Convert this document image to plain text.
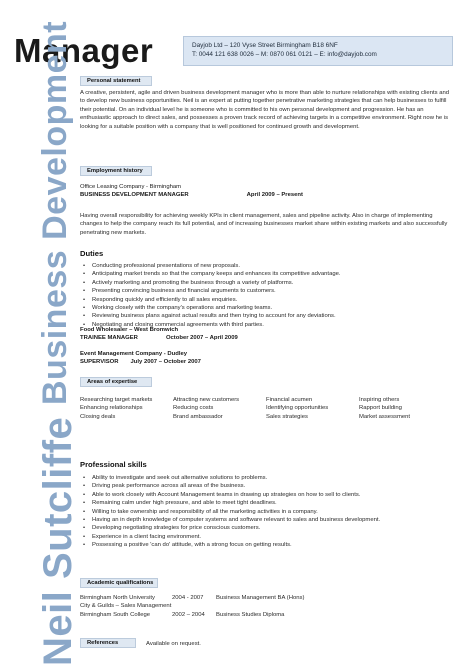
Manager
Business Development
Neil Sutcliffe
Dayjob Ltd – 120 Vyse Street Birmingham B18 6NF
T: 0044 121 638 0026 – M: 0870 061 0121 – E: info@dayjob.com
Personal statement
A creative, persistent, agile and driven business development manager who is more than able to nurture relationships with existing clients and to develop new business opportunities. Neil is an expert at putting together penetrative marketing strategies that can help businesses to fulfill their potential. On an individual level he is someone who is committed to his own personal development and progression. He has an enthusiastic approach to direct sales, and possesses a proven track record of achieving targets in a competitive environment. Right now he is looking for a suitable position with a company that is well positioned for continued growth and development.
Employment history
Office Leasing Company - Birmingham
BUSINESS DEVELOPMENT MANAGER	April 2009 – Present
Having overall responsibility for achieving weekly KPIs in client management, sales and pipeline activity. Also in charge of implementing changes to help the company reach its full potential, and of increasing businesses market share within existing markets and also successfully penetrating new markets.
Duties
• Conducting professional presentations of new proposals.
• Anticipating market trends so that the company keeps and enhances its competitive advantage.
• Actively marketing and promoting the business through a variety of platforms.
• Presenting convincing business and financial arguments to customers.
• Responding quickly and efficiently to all sales enquiries.
• Working closely with the company's operations and marketing teams.
• Reviewing business plans against actual results and then trying to account for any deviations.
• Negotiating and closing commercial agreements with third parties.
Food Wholesaler – West Bromwich
TRAINEE MANAGER	October 2007 – April 2009
Event Management Company - Dudley
SUPERVISOR July 2007 – October 2007
Areas of expertise
Researching target markets	Attracting new customers	Financial acumen	Inspiring others
Enhancing relationships	Reducing costs	Identifying opportunities	Rapport building
Closing deals	Brand ambassador	Sales strategies	Market assessment
Professional skills
• Ability to investigate and seek out alternative solutions to problems.
• Driving peak performance across all areas of the business.
• Able to work closely with Account Management teams in drawing up strategies on how to sell to clients.
• Remaining calm under high pressure, and able to meet tight deadlines.
• Willing to take ownership and responsibility of all the marketing activities in a company.
• Having an in depth knowledge of computer systems and software relevant to sales and business development.
• Developing negotiating strategies for price conscious customers.
• Experience in a client facing environment.
• Possessing a positive 'can do' attitude, with a strong focus on getting results.
Academic qualifications
Birmingham North University	2004 - 2007	Business Management BA (Hons)
City & Guilds – Sales Management
Birmingham South College	2002 – 2004	Business Studies Diploma
References	Available on request.
